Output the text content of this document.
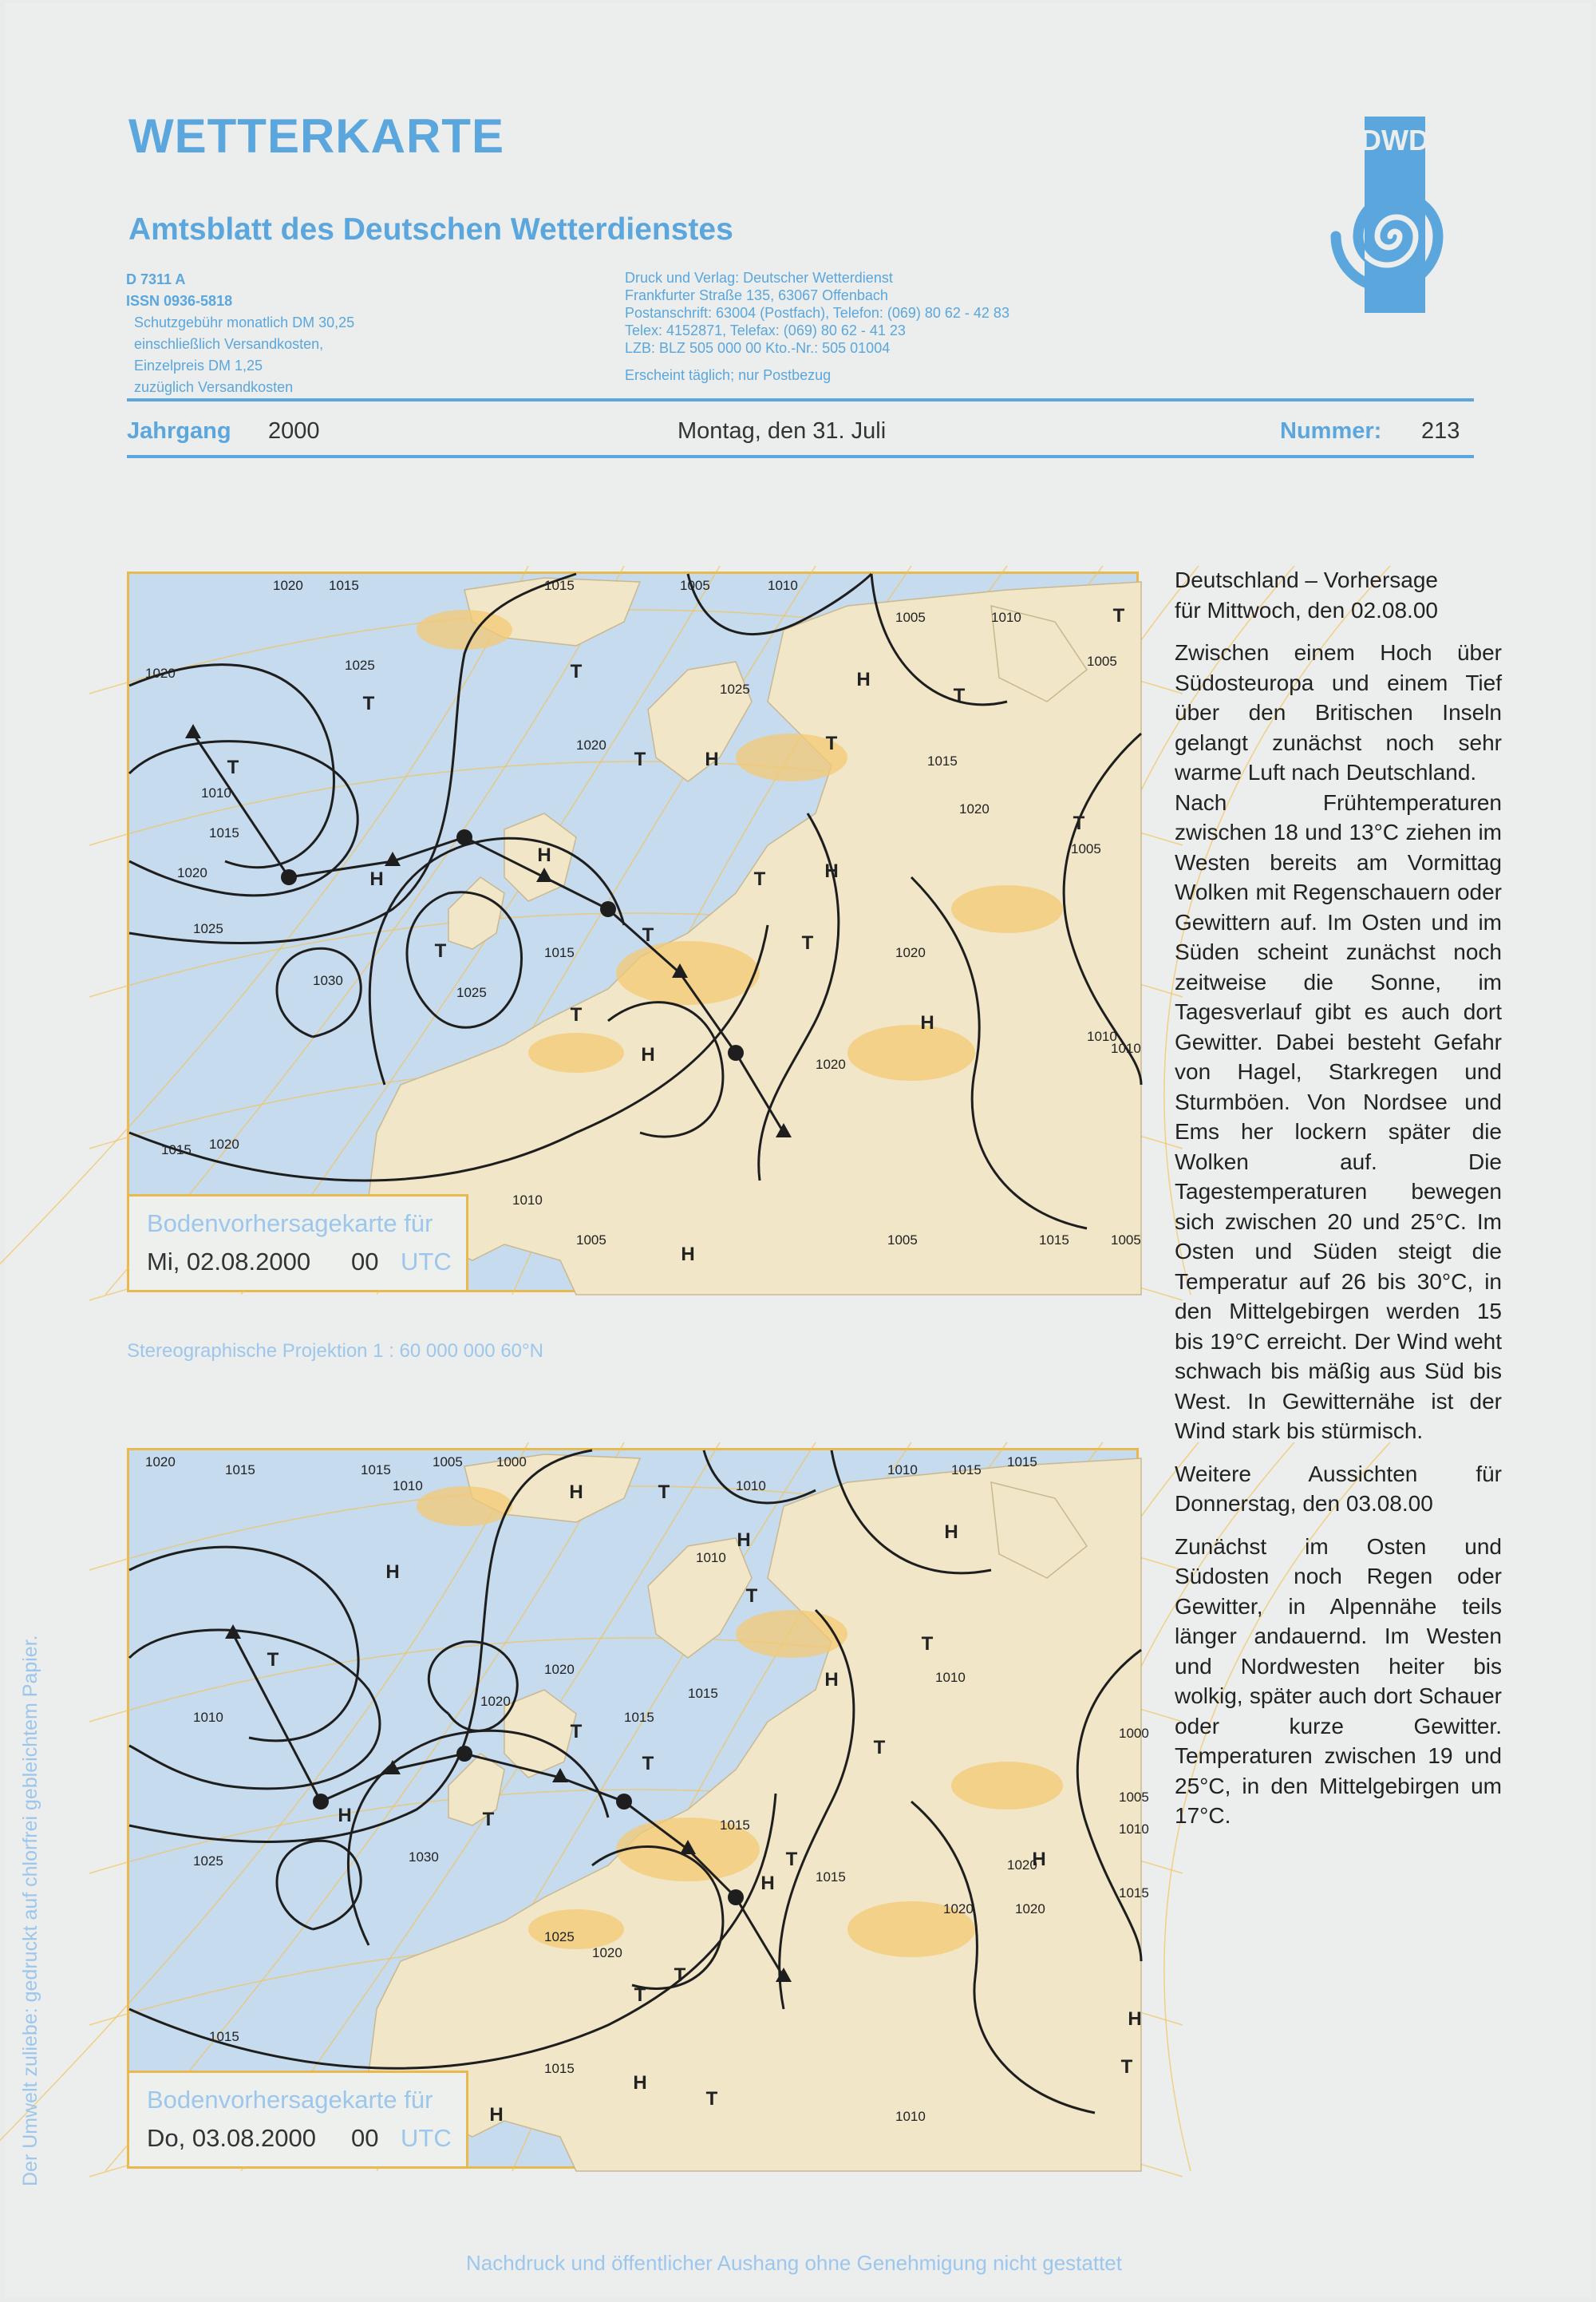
WETTERKARTE
Amtsblatt des Deutschen Wetterdienstes
D 7311 A
ISSN 0936-5818
Schutzgebühr monatlich DM 30,25
einschließlich Versandkosten,
Einzelpreis DM 1,25
zuzüglich Versandkosten
Druck und Verlag: Deutscher Wetterdienst
Frankfurter Straße 135, 63067 Offenbach
Postanschrift: 63004 (Postfach), Telefon: (069) 80 62 - 42 83
Telex: 4152871, Telefax: (069) 80 62 - 41 23
LZB: BLZ 505 000 00 Kto.-Nr.: 505 01004
Erscheint täglich; nur Postbezug
DWD
Jahrgang 2000	Montag, den 31. Juli	Nummer: 213
1020 1015	1015	1005	1010
1005	1010
1005
1020
1025
1020
1010
1015
1020
1025
1030
1025
1015
1025
1020
1005
1015
1020
1010
1020
1020
1015
1010
1005	1005	1015
1010
1005
T
T
H
T
H
T
H
T
T
T
T
T
H
T
H
H
H
T
H
T
T
Bodenvorhersagekarte für
Mi, 02.08.2000 00 UTC
Stereographische Projektion 1 : 60 000 000 60°N
1020
1015	1015
1005 1000
1010	1010
1010 1015
1015
1010
1020
1010
1015
1025
1020
1015
1010
1030
1025
1015
1020
1015
1020
1020
1015
1015
1010
1000
1005
1010
1015
1020
H
H
T
T
T
H
T
H
T
H
T
T
H
T
T
H
T
H
T
H
T
T
H
H
Bodenvorhersagekarte für
Do, 03.08.2000 00 UTC

Deutschland – Vorhersage für Mittwoch, den 02.08.00

Zwischen einem Hoch über Südosteuropa und einem Tief über den Britischen Inseln gelangt zunächst noch sehr warme Luft nach Deutschland.

Nach Frühtemperaturen zwischen 18 und 13°C ziehen im Westen bereits am Vormittag Wolken mit Regenschauern oder Gewittern auf. Im Osten und im Süden scheint zunächst noch zeitweise die Sonne, im Tagesverlauf gibt es auch dort Gewitter. Dabei besteht Gefahr von Hagel, Starkregen und Sturmböen. Von Nordsee und Ems her lockern später die Wolken auf. Die Tagestemperaturen bewegen sich zwischen 20 und 25°C. Im Osten und Süden steigt die Temperatur auf 26 bis 30°C, in den Mittelgebirgen werden 15 bis 19°C erreicht. Der Wind weht schwach bis mäßig aus Süd bis West. In Gewitternähe ist der Wind stark bis stürmisch.

Weitere Aussichten für Donnerstag, den 03.08.00

Zunächst im Osten und Südosten noch Regen oder Gewitter, in Alpennähe teils länger andauernd. Im Westen und Nordwesten heiter bis wolkig, später auch dort Schauer oder kurze Gewitter. Temperaturen zwischen 19 und 25°C, in den Mittelgebirgen um 17°C.

Der Umwelt zuliebe: gedruckt auf chlorfrei gebleichtem Papier.
Nachdruck und öffentlicher Aushang ohne Genehmigung nicht gestattet
